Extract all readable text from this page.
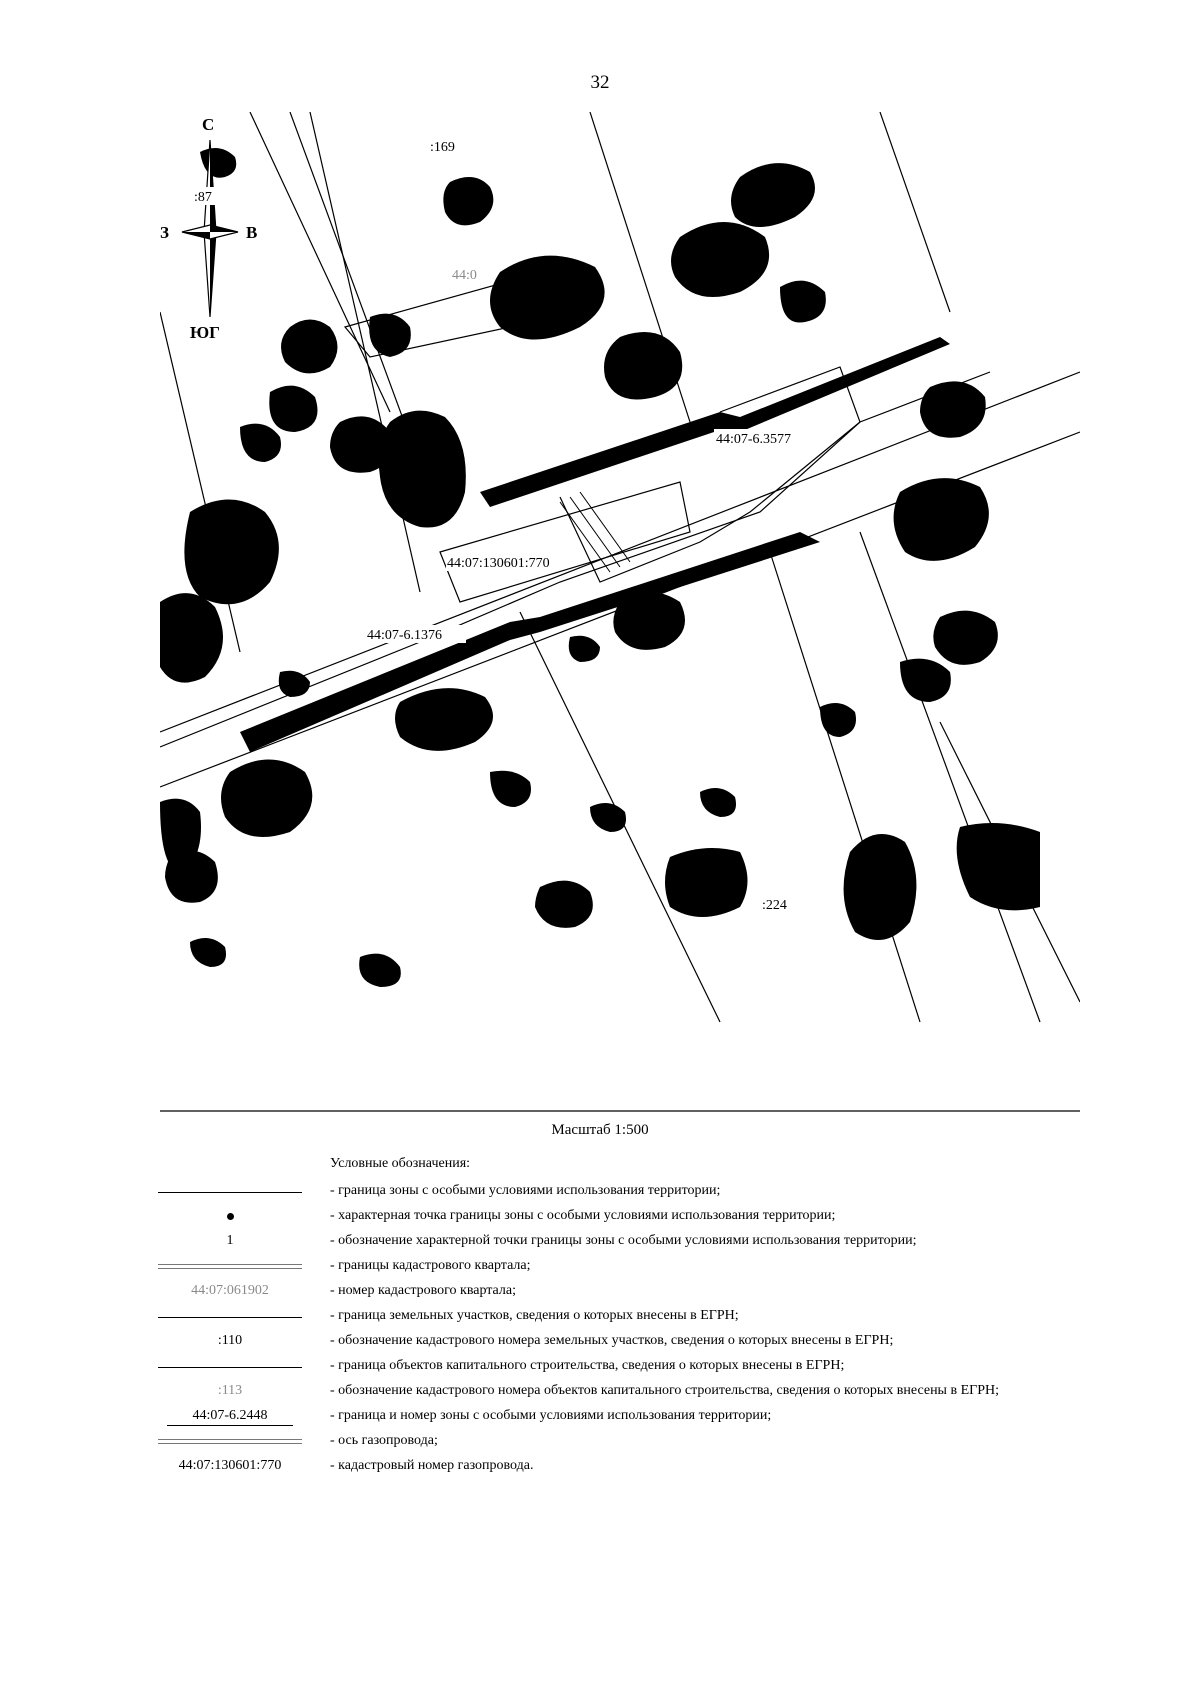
32
С
ЮГ
З	В
:169
:87
44:0
44:07-6.3577
44:07:130601:770
44:07-6.1376
:224
Масштаб 1:500
Условные обозначения:
- граница зоны с особыми условиями использования территории;
- характерная точка границы зоны с особыми условиями использования территории;
1	- обозначение характерной точки границы зоны с особыми условиями использования территории;
- границы кадастрового квартала;
44:07:061902	- номер кадастрового квартала;
- граница земельных участков, сведения о которых внесены в ЕГРН;
:110	- обозначение кадастрового номера земельных участков, сведения о которых внесены в ЕГРН;
- граница объектов капитального строительства, сведения о которых внесены в ЕГРН;
:113	- обозначение кадастрового номера объектов капитального строительства, сведения о которых внесены в ЕГРН;
44:07-6.2448	- граница и номер зоны с особыми условиями использования территории;
- ось газопровода;
44:07:130601:770	- кадастровый номер газопровода.
